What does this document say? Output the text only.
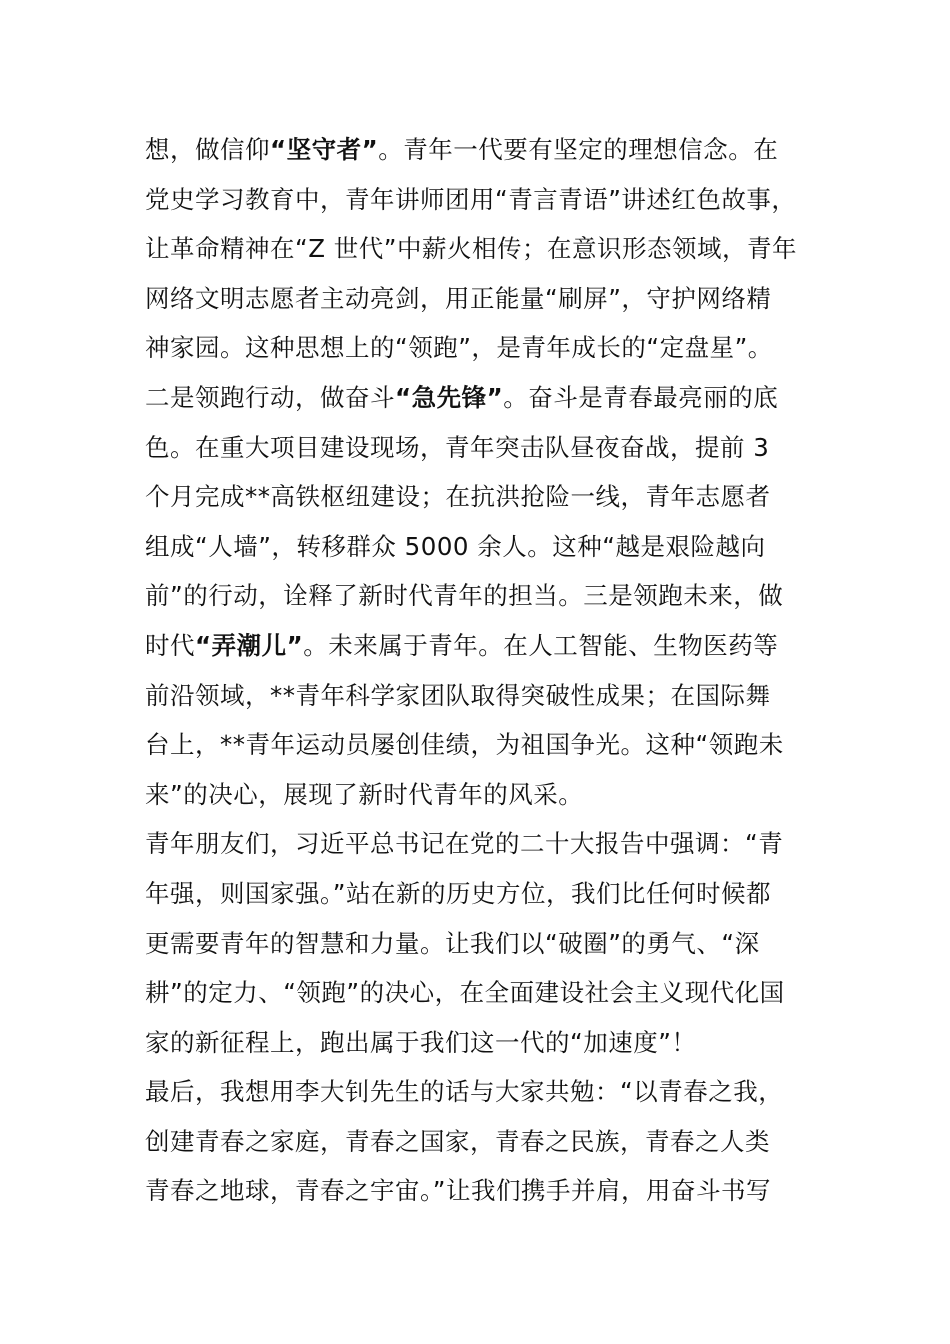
想，做信仰“坚守者”。青年一代要有坚定的理想信念。在
党史学习教育中，青年讲师团用“青言青语”讲述红色故事，
让革命精神在“Z 世代”中薪火相传；在意识形态领域，青年
网络文明志愿者主动亮剑，用正能量“刷屏”，守护网络精
神家园。这种思想上的“领跑”，是青年成长的“定盘星”。
二是领跑行动，做奋斗“急先锋”。奋斗是青春最亮丽的底
色。在重大项目建设现场，青年突击队昼夜奋战，提前 3
个月完成**高铁枢纽建设；在抗洪抢险一线，青年志愿者
组成“人墙”，转移群众 5000 余人。这种“越是艰险越向
前”的行动，诠释了新时代青年的担当。三是领跑未来，做
时代“弄潮儿”。未来属于青年。在人工智能、生物医药等
前沿领域，**青年科学家团队取得突破性成果；在国际舞
台上，**青年运动员屡创佳绩，为祖国争光。这种“领跑未
来”的决心，展现了新时代青年的风采。
青年朋友们，习近平总书记在党的二十大报告中强调：“青
年强，则国家强。”站在新的历史方位，我们比任何时候都
更需要青年的智慧和力量。让我们以“破圈”的勇气、“深
耕”的定力、“领跑”的决心，在全面建设社会主义现代化国
家的新征程上，跑出属于我们这一代的“加速度”！
最后，我想用李大钊先生的话与大家共勉：“以青春之我，
创建青春之家庭，青春之国家，青春之民族，青春之人类
青春之地球，青春之宇宙。”让我们携手并肩，用奋斗书写
